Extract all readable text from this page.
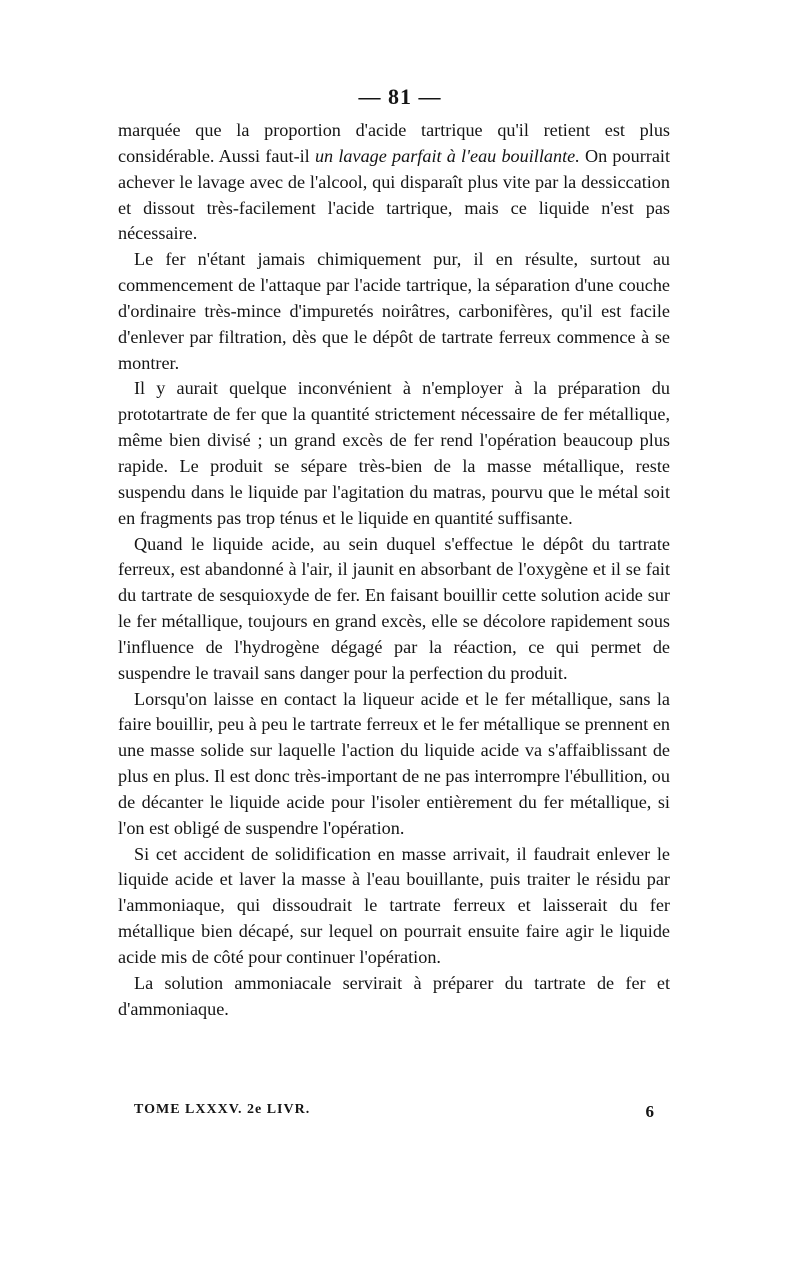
— 81 —

marquée que la proportion d'acide tartrique qu'il retient est plus considérable. Aussi faut-il un lavage parfait à l'eau bouillante. On pourrait achever le lavage avec de l'alcool, qui disparaît plus vite par la dessiccation et dissout très-facilement l'acide tartrique, mais ce liquide n'est pas nécessaire.

Le fer n'étant jamais chimiquement pur, il en résulte, surtout au commencement de l'attaque par l'acide tartrique, la séparation d'une couche d'ordinaire très-mince d'impuretés noirâtres, carbonifères, qu'il est facile d'enlever par filtration, dès que le dépôt de tartrate ferreux commence à se montrer.

Il y aurait quelque inconvénient à n'employer à la préparation du prototartrate de fer que la quantité strictement nécessaire de fer métallique, même bien divisé ; un grand excès de fer rend l'opération beaucoup plus rapide. Le produit se sépare très-bien de la masse métallique, reste suspendu dans le liquide par l'agitation du matras, pourvu que le métal soit en fragments pas trop ténus et le liquide en quantité suffisante.

Quand le liquide acide, au sein duquel s'effectue le dépôt du tartrate ferreux, est abandonné à l'air, il jaunit en absorbant de l'oxygène et il se fait du tartrate de sesquioxyde de fer. En faisant bouillir cette solution acide sur le fer métallique, toujours en grand excès, elle se décolore rapidement sous l'influence de l'hydrogène dégagé par la réaction, ce qui permet de suspendre le travail sans danger pour la perfection du produit.

Lorsqu'on laisse en contact la liqueur acide et le fer métallique, sans la faire bouillir, peu à peu le tartrate ferreux et le fer métallique se prennent en une masse solide sur laquelle l'action du liquide acide va s'affaiblissant de plus en plus. Il est donc très-important de ne pas interrompre l'ébullition, ou de décanter le liquide acide pour l'isoler entièrement du fer métallique, si l'on est obligé de suspendre l'opération.

Si cet accident de solidification en masse arrivait, il faudrait enlever le liquide acide et laver la masse à l'eau bouillante, puis traiter le résidu par l'ammoniaque, qui dissoudrait le tartrate ferreux et laisserait du fer métallique bien décapé, sur lequel on pourrait ensuite faire agir le liquide acide mis de côté pour continuer l'opération.

La solution ammoniacale servirait à préparer du tartrate de fer et d'ammoniaque.

TOME LXXXV. 2e LIVR.	6
